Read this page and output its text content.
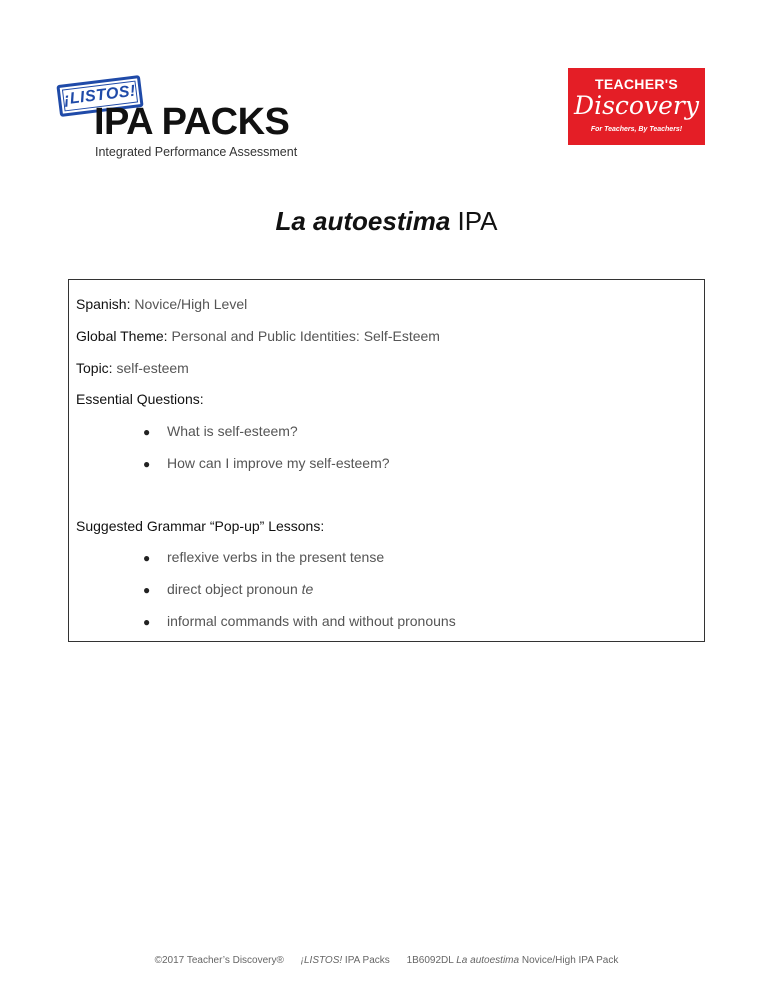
¡LISTOS!
IPA PACKS
Integrated Performance Assessment
TEACHER'S
Discovery
For Teachers, By Teachers!
La autoestima IPA
Spanish: Novice/High Level
Global Theme: Personal and Public Identities: Self-Esteem
Topic: self-esteem
Essential Questions:
● What is self-esteem?
● How can I improve my self-esteem?
Suggested Grammar “Pop-up” Lessons:
● reflexive verbs in the present tense
● direct object pronoun te
● informal commands with and without pronouns
©2017 Teacher’s Discovery® ¡LISTOS! IPA Packs 1B6092DL La autoestima Novice/High IPA Pack
